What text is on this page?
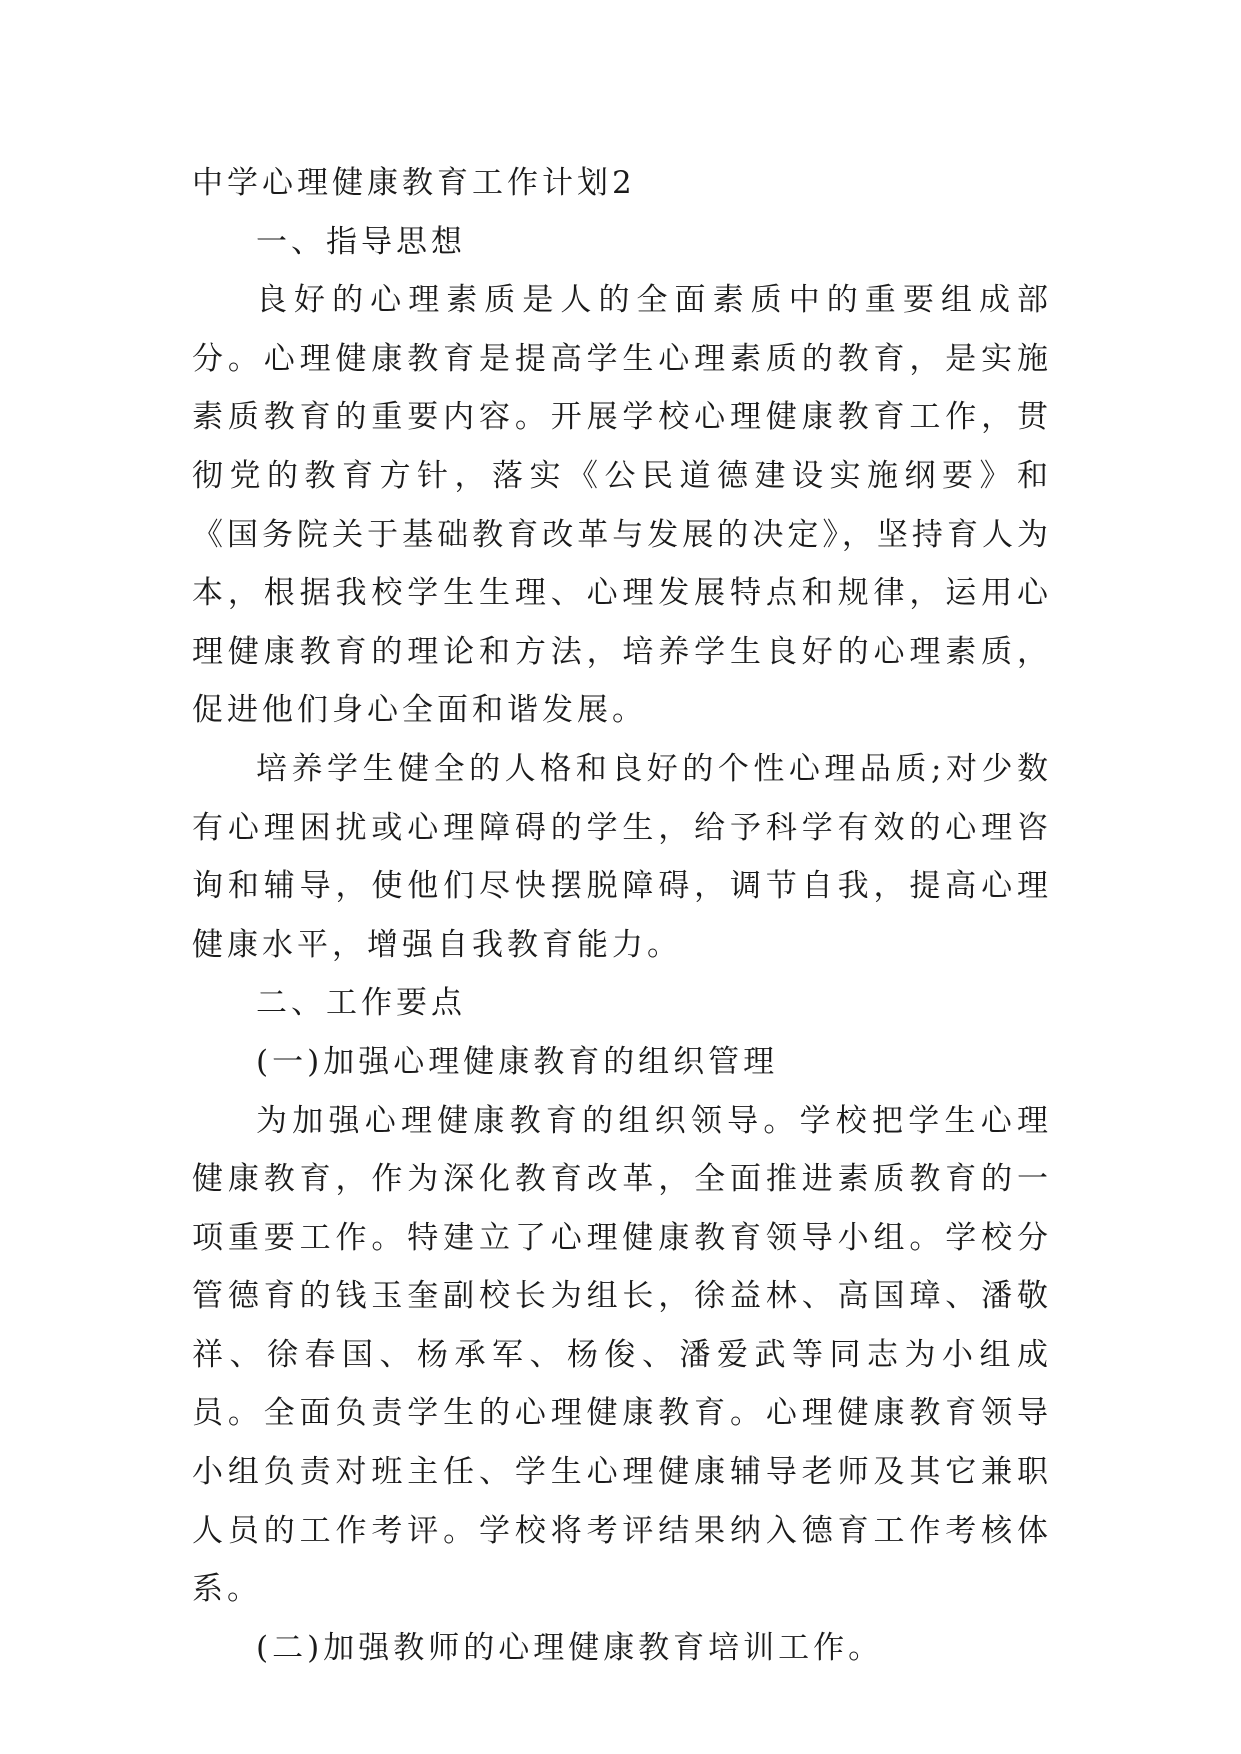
中学心理健康教育工作计划2

一、指导思想

良好的心理素质是人的全面素质中的重要组成部分。心理健康教育是提高学生心理素质的教育，是实施素质教育的重要内容。开展学校心理健康教育工作，贯彻党的教育方针，落实《公民道德建设实施纲要》和《国务院关于基础教育改革与发展的决定》，坚持育人为本，根据我校学生生理、心理发展特点和规律，运用心理健康教育的理论和方法，培养学生良好的心理素质，促进他们身心全面和谐发展。

培养学生健全的人格和良好的个性心理品质;对少数有心理困扰或心理障碍的学生，给予科学有效的心理咨询和辅导，使他们尽快摆脱障碍，调节自我，提高心理健康水平，增强自我教育能力。

二、工作要点

(一)加强心理健康教育的组织管理

为加强心理健康教育的组织领导。学校把学生心理健康教育，作为深化教育改革，全面推进素质教育的一项重要工作。特建立了心理健康教育领导小组。学校分管德育的钱玉奎副校长为组长，徐益林、高国璋、潘敬祥、徐春国、杨承军、杨俊、潘爱武等同志为小组成员。全面负责学生的心理健康教育。心理健康教育领导小组负责对班主任、学生心理健康辅导老师及其它兼职人员的工作考评。学校将考评结果纳入德育工作考核体系。

(二)加强教师的心理健康教育培训工作。
